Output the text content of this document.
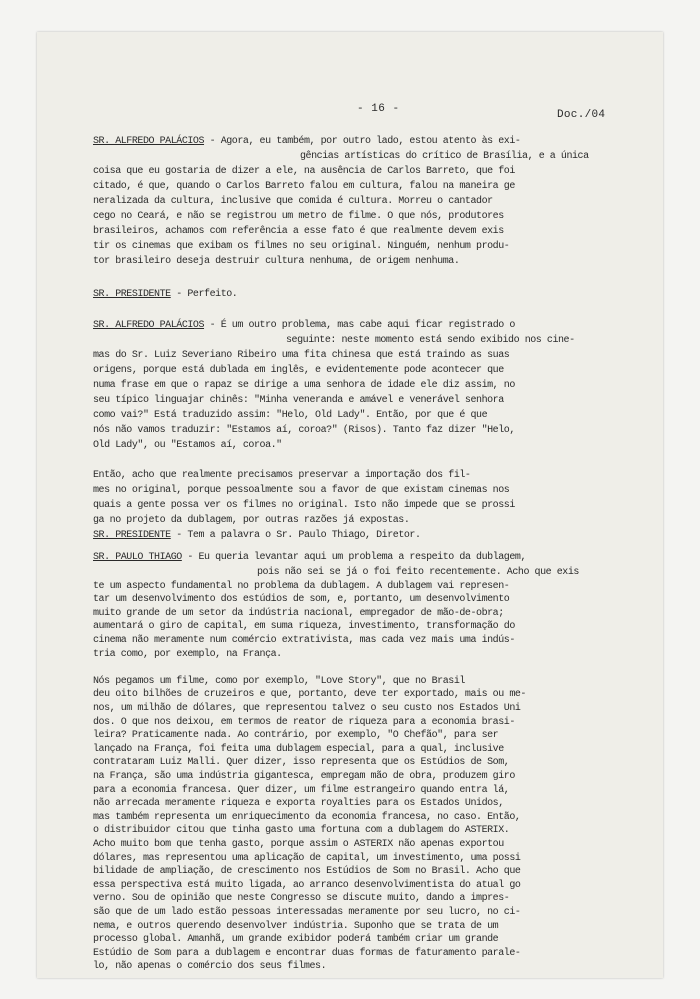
- 16 -	Doc./04
SR. ALFREDO PALÁCIOS - Agora, eu também, por outro lado, estou atento às exi-
gências artísticas do crítico de Brasília, e a única
coisa que eu gostaria de dizer a ele, na ausência de Carlos Barreto, que foi
citado, é que, quando o Carlos Barreto falou em cultura, falou na maneira ge
neralizada da cultura, inclusive que comida é cultura. Morreu o cantador
cego no Ceará, e não se registrou um metro de filme. O que nós, produtores
brasileiros, achamos com referência a esse fato é que realmente devem exis
tir os cinemas que exibam os filmes no seu original. Ninguém, nenhum produ-
tor brasileiro deseja destruir cultura nenhuma, de origem nenhuma.
SR. PRESIDENTE - Perfeito.
SR. ALFREDO PALÁCIOS - É um outro problema, mas cabe aqui ficar registrado o
seguinte: neste momento está sendo exibido nos cine-
mas do Sr. Luiz Severiano Ribeiro uma fita chinesa que está traindo as suas
origens, porque está dublada em inglês, e evidentemente pode acontecer que
numa frase em que o rapaz se dirige a uma senhora de idade ele diz assim, no
seu típico linguajar chinês: "Minha veneranda e amável e venerável senhora
como vai?" Está traduzido assim: "Helo, Old Lady". Então, por que é que
nós não vamos traduzir: "Estamos aí, coroa?" (Risos). Tanto faz dizer "Helo,
Old Lady", ou "Estamos aí, coroa."
Então, acho que realmente precisamos preservar a importação dos fil-
mes no original, porque pessoalmente sou a favor de que existam cinemas nos
quais a gente possa ver os filmes no original. Isto não impede que se prossi
ga no projeto da dublagem, por outras razões já expostas.
SR. PRESIDENTE - Tem a palavra o Sr. Paulo Thiago, Diretor.
SR. PAULO THIAGO - Eu queria levantar aqui um problema a respeito da dublagem,
pois não sei se já o foi feito recentemente. Acho que exis
te um aspecto fundamental no problema da dublagem. A dublagem vai represen-
tar um desenvolvimento dos estúdios de som, e, portanto, um desenvolvimento
muito grande de um setor da indústria nacional, empregador de mão-de-obra;
aumentará o giro de capital, em suma riqueza, investimento, transformação do
cinema não meramente num comércio extrativista, mas cada vez mais uma indús-
tria como, por exemplo, na França.
Nós pegamos um filme, como por exemplo, "Love Story", que no Brasil
deu oito bilhões de cruzeiros e que, portanto, deve ter exportado, mais ou me-
nos, um milhão de dólares, que representou talvez o seu custo nos Estados Uni
dos. O que nos deixou, em termos de reator de riqueza para a economia brasi-
leira? Praticamente nada. Ao contrário, por exemplo, "O Chefão", para ser
lançado na França, foi feita uma dublagem especial, para a qual, inclusive
contrataram Luiz Malli. Quer dizer, isso representa que os Estúdios de Som,
na França, são uma indústria gigantesca, empregam mão de obra, produzem giro
para a economia francesa. Quer dizer, um filme estrangeiro quando entra lá,
não arrecada meramente riqueza e exporta royalties para os Estados Unidos,
mas também representa um enriquecimento da economia francesa, no caso. Então,
o distribuidor citou que tinha gasto uma fortuna com a dublagem do ASTERIX.
Acho muito bom que tenha gasto, porque assim o ASTERIX não apenas exportou
dólares, mas representou uma aplicação de capital, um investimento, uma possi
bilidade de ampliação, de crescimento nos Estúdios de Som no Brasil. Acho que
essa perspectiva está muito ligada, ao arranco desenvolvimentista do atual go
verno. Sou de opinião que neste Congresso se discute muito, dando a impres-
são que de um lado estão pessoas interessadas meramente por seu lucro, no ci-
nema, e outros querendo desenvolver indústria. Suponho que se trata de um
processo global. Amanhã, um grande exibidor poderá também criar um grande
Estúdio de Som para a dublagem e encontrar duas formas de faturamento parale-
lo, não apenas o comércio dos seus filmes.
